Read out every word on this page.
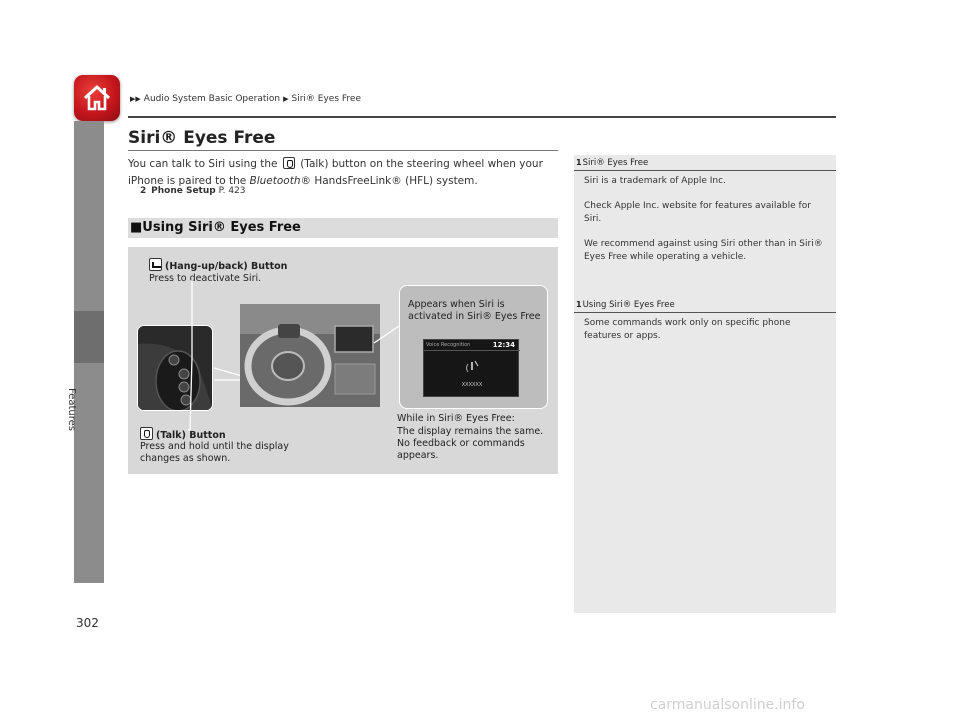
Features
▶▶ Audio System Basic Operation ▶ Siri® Eyes Free
Siri® Eyes Free
You can talk to Siri using the (Talk) button on the steering wheel when your iPhone is paired to the Bluetooth® HandsFreeLink® (HFL) system.
2 Phone Setup P. 423
■Using Siri® Eyes Free
(Hang-up/back) Button
Press to deactivate Siri.
Appears when Siri is
activated in Siri® Eyes Free
Voice Recognition	12:34
XXXXXX
While in Siri® Eyes Free:
The display remains the same.
No feedback or commands
appears.
(Talk) Button
Press and hold until the display
changes as shown.
1Siri® Eyes Free

Siri is a trademark of Apple Inc.

Check Apple Inc. website for features available for Siri.

We recommend against using Siri other than in Siri® Eyes Free while operating a vehicle.

1Using Siri® Eyes Free

Some commands work only on specific phone features or apps.

302
carmanualsonline.info
